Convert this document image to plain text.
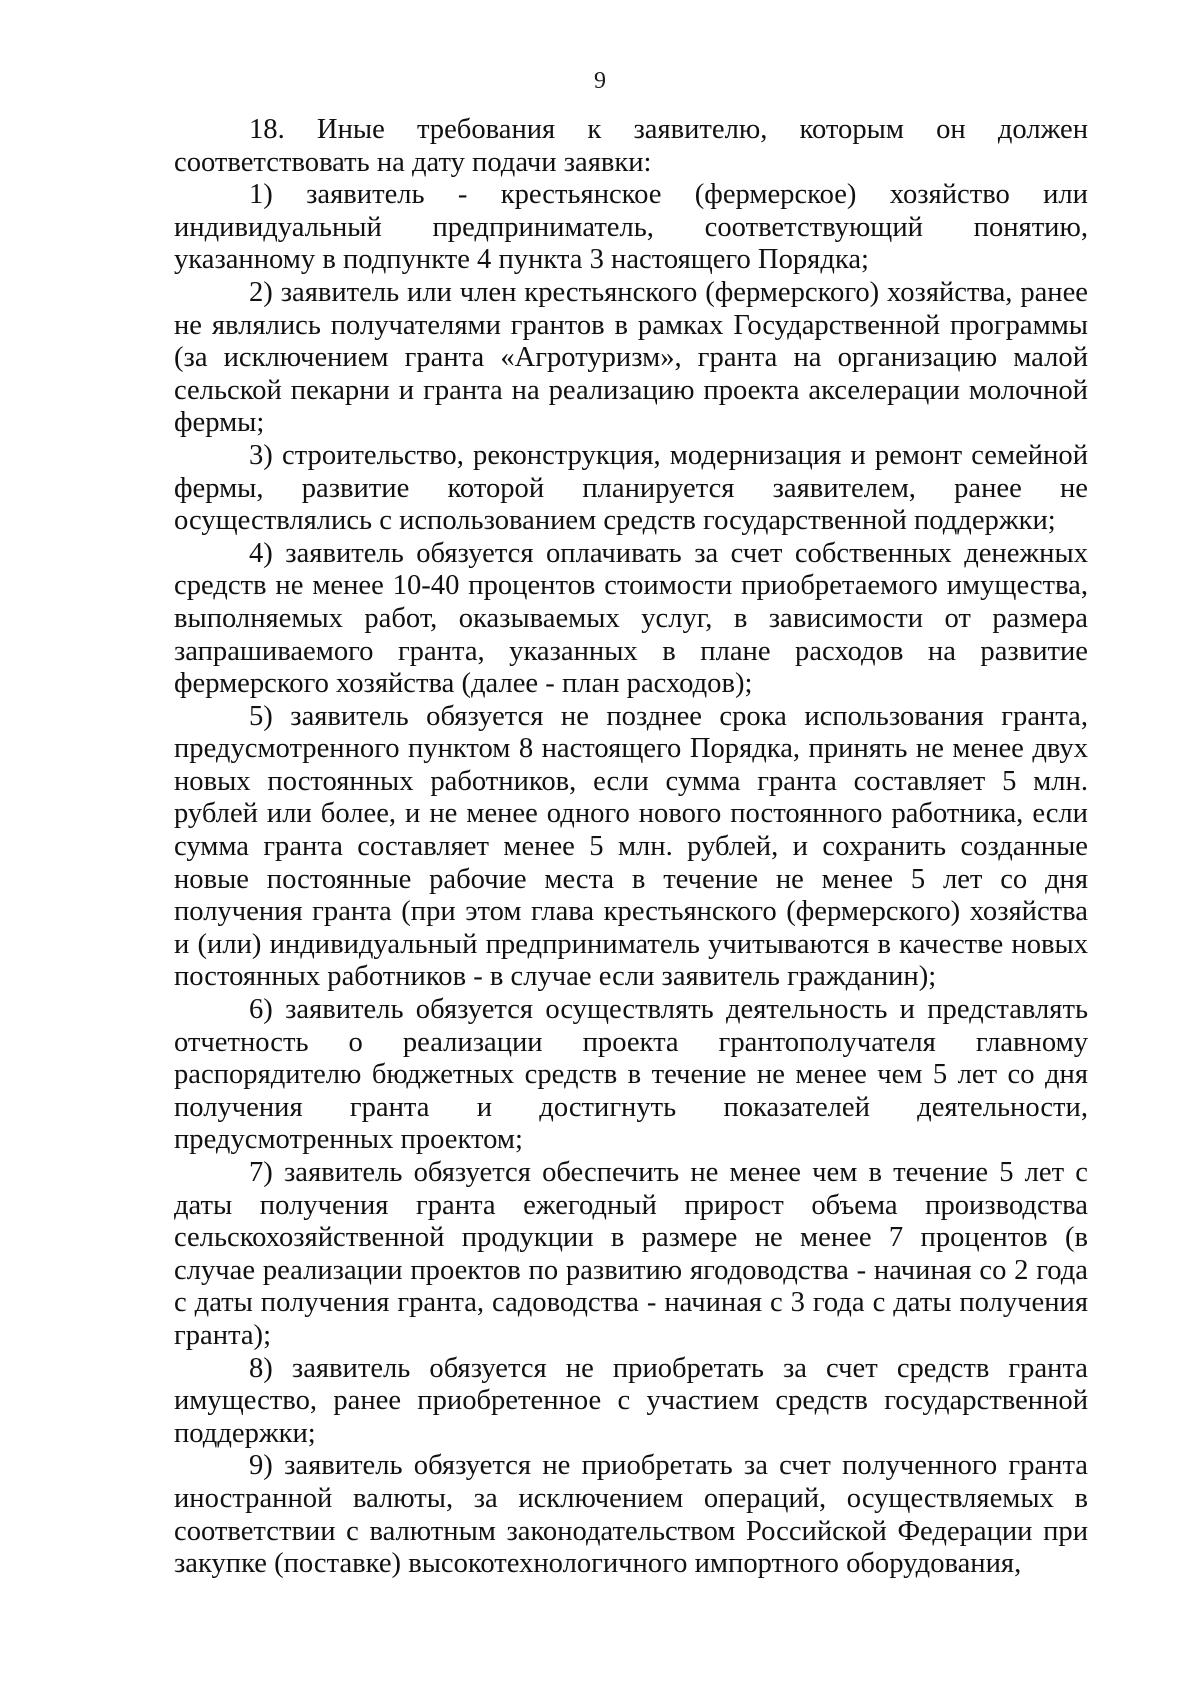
9

18. Иные требования к заявителю, которым он должен соответствовать на дату подачи заявки:

1) заявитель - крестьянское (фермерское) хозяйство или индивидуальный предприниматель, соответствующий понятию, указанному в подпункте 4 пункта 3 настоящего Порядка;

2) заявитель или член крестьянского (фермерского) хозяйства, ранее не являлись получателями грантов в рамках Государственной программы (за исключением гранта «Агротуризм», гранта на организацию малой сельской пекарни и гранта на реализацию проекта акселерации молочной фермы;

3) строительство, реконструкция, модернизация и ремонт семейной фермы, развитие которой планируется заявителем, ранее не осуществлялись с использованием средств государственной поддержки;

4) заявитель обязуется оплачивать за счет собственных денежных средств не менее 10-40 процентов стоимости приобретаемого имущества, выполняемых работ, оказываемых услуг, в зависимости от размера запрашиваемого гранта, указанных в плане расходов на развитие фермерского хозяйства (далее - план расходов);

5) заявитель обязуется не позднее срока использования гранта, предусмотренного пунктом 8 настоящего Порядка, принять не менее двух новых постоянных работников, если сумма гранта составляет 5 млн. рублей или более, и не менее одного нового постоянного работника, если сумма гранта составляет менее 5 млн. рублей, и сохранить созданные новые постоянные рабочие места в течение не менее 5 лет со дня получения гранта (при этом глава крестьянского (фермерского) хозяйства и (или) индивидуальный предприниматель учитываются в качестве новых постоянных работников - в случае если заявитель гражданин);

6) заявитель обязуется осуществлять деятельность и представлять отчетность о реализации проекта грантополучателя главному распорядителю бюджетных средств в течение не менее чем 5 лет со дня получения гранта и достигнуть показателей деятельности, предусмотренных проектом;

7) заявитель обязуется обеспечить не менее чем в течение 5 лет с даты получения гранта ежегодный прирост объема производства сельскохозяйственной продукции в размере не менее 7 процентов (в случае реализации проектов по развитию ягодоводства - начиная со 2 года с даты получения гранта, садоводства - начиная с 3 года с даты получения гранта);

8) заявитель обязуется не приобретать за счет средств гранта имущество, ранее приобретенное с участием средств государственной поддержки;

9) заявитель обязуется не приобретать за счет полученного гранта иностранной валюты, за исключением операций, осуществляемых в соответствии с валютным законодательством Российской Федерации при закупке (поставке) высокотехнологичного импортного оборудования,
